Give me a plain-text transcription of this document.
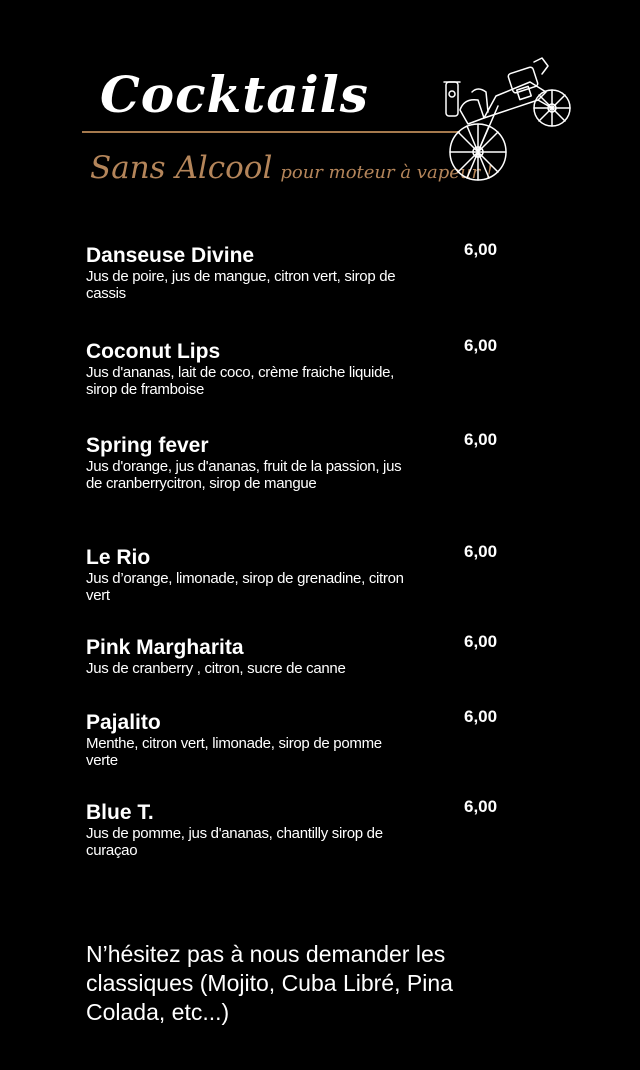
Cocktails
Sans Alcool pour moteur à vapeur !
Danseuse Divine
Jus de poire, jus de mangue, citron vert, sirop de cassis
6,00
Coconut Lips
Jus d'ananas, lait de coco, crème fraiche liquide, sirop de framboise
6,00
Spring fever
Jus d'orange, jus d'ananas, fruit de la passion, jus de cranberrycitron, sirop de mangue
6,00
Le Rio
Jus d’orange, limonade, sirop de grenadine, citron vert
6,00
Pink Margharita
Jus de cranberry , citron, sucre de canne
6,00
Pajalito
Menthe, citron vert, limonade, sirop de pomme verte
6,00
Blue T.
Jus de pomme, jus d'ananas, chantilly sirop de curaçao
6,00
N’hésitez pas à nous demander les classiques (Mojito, Cuba Libré, Pina Colada, etc...)
